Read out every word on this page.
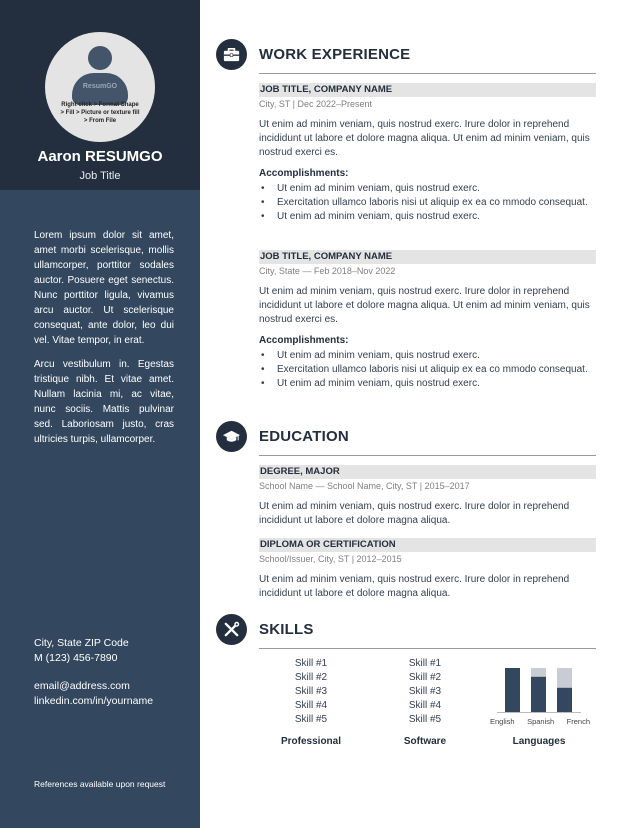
ResumGO
Right-click > Format Shape > Fill > Picture or texture fill > From File
Aaron RESUMGO
Job Title

Lorem ipsum dolor sit amet, amet morbi scelerisque, mollis ullamcorper, porttitor sodales auctor. Posuere eget senectus. Nunc porttitor ligula, vivamus arcu auctor. Ut scelerisque consequat, ante dolor, leo dui vel. Vitae tempor, in erat.

Arcu vestibulum in. Egestas tristique nibh. Et vitae amet. Nullam lacinia mi, ac vitae, nunc sociis. Mattis pulvinar sed. Laboriosam justo, cras ultricies turpis, ullamcorper.

City, State ZIP Code
M (123) 456-7890
email@address.com
linkedin.com/in/yourname
References available upon request
WORK EXPERIENCE
JOB TITLE, COMPANY NAME
City, ST | Dec 2022–Present
Ut enim ad minim veniam, quis nostrud exerc. Irure dolor in reprehend incididunt ut labore et dolore magna aliqua. Ut enim ad minim veniam, quis nostrud exerci es.
Accomplishments:
• Ut enim ad minim veniam, quis nostrud exerc.
• Exercitation ullamco laboris nisi ut aliquip ex ea co mmodo consequat.
• Ut enim ad minim veniam, quis nostrud exerc.
JOB TITLE, COMPANY NAME
City, State — Feb 2018–Nov 2022
Ut enim ad minim veniam, quis nostrud exerc. Irure dolor in reprehend incididunt ut labore et dolore magna aliqua. Ut enim ad minim veniam, quis nostrud exerci es.
Accomplishments:
• Ut enim ad minim veniam, quis nostrud exerc.
• Exercitation ullamco laboris nisi ut aliquip ex ea co mmodo consequat.
• Ut enim ad minim veniam, quis nostrud exerc.
EDUCATION
DEGREE, MAJOR
School Name — School Name, City, ST | 2015–2017
Ut enim ad minim veniam, quis nostrud exerc. Irure dolor in reprehend incididunt ut labore et dolore magna aliqua.
DIPLOMA OR CERTIFICATION
School/Issuer, City, ST | 2012–2015
Ut enim ad minim veniam, quis nostrud exerc. Irure dolor in reprehend incididunt ut labore et dolore magna aliqua.
SKILLS
Skill #1
Skill #2
Skill #3
Skill #4
Skill #5
Professional
Skill #1
Skill #2
Skill #3
Skill #4
Skill #5
Software
English Spanish French
Languages
